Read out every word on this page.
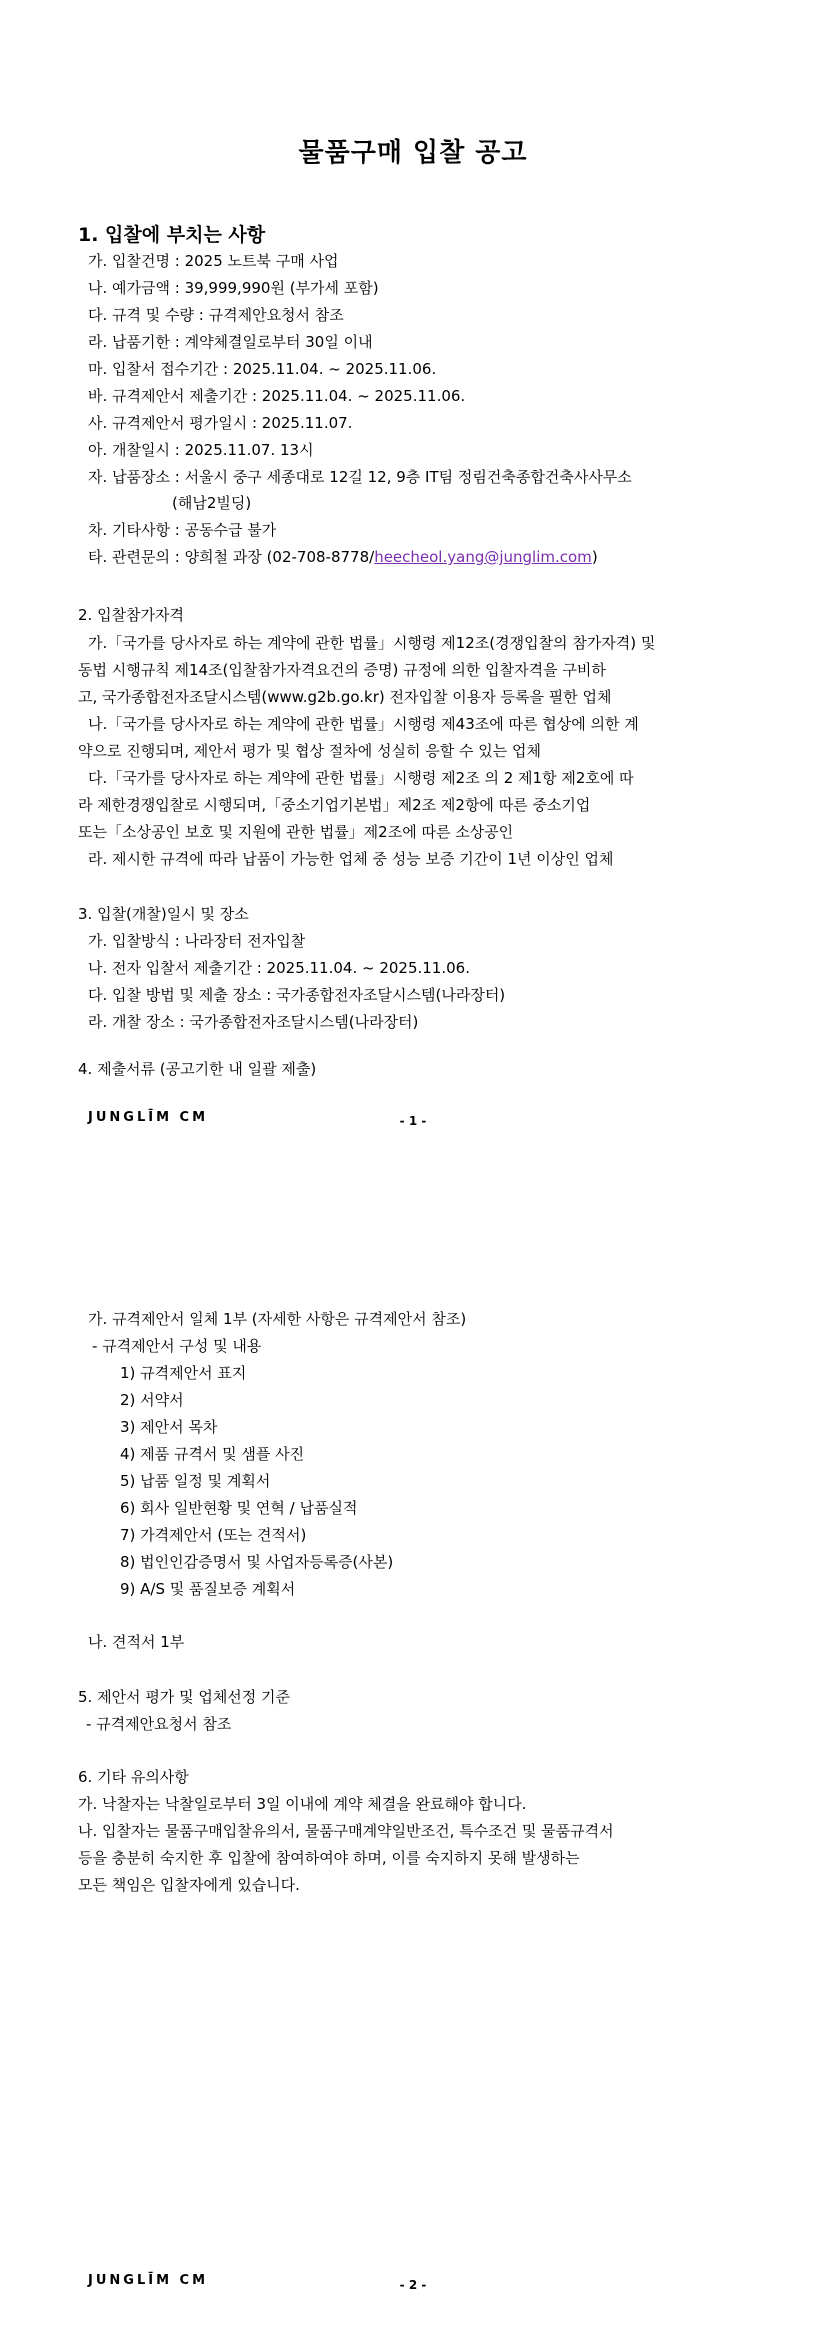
물품구매 입찰 공고
1. 입찰에 부치는 사항
가. 입찰건명 : 2025 노트북 구매 사업
나. 예가금액 : 39,999,990원 (부가세 포함)
다. 규격 및 수량 : 규격제안요청서 참조
라. 납품기한 : 계약체결일로부터 30일 이내
마. 입찰서 접수기간 : 2025.11.04. ~ 2025.11.06.
바. 규격제안서 제출기간 : 2025.11.04. ~ 2025.11.06.
사. 규격제안서 평가일시 : 2025.11.07.
아. 개찰일시 : 2025.11.07. 13시
자. 납품장소 : 서울시 중구 세종대로 12길 12, 9층 IT팀 정림건축종합건축사사무소
(해남2빌딩)
차. 기타사항 : 공동수급 불가
타. 관련문의 : 양희철 과장 (02-708-8778/heecheol.yang@junglim.com)
2. 입찰참가자격
가.「국가를 당사자로 하는 계약에 관한 법률」시행령 제12조(경쟁입찰의 참가자격) 및
동법 시행규칙 제14조(입찰참가자격요건의 증명) 규정에 의한 입찰자격을 구비하
고, 국가종합전자조달시스템(www.g2b.go.kr) 전자입찰 이용자 등록을 필한 업체
나.「국가를 당사자로 하는 계약에 관한 법률」시행령 제43조에 따른 협상에 의한 계
약으로 진행되며, 제안서 평가 및 협상 절차에 성실히 응할 수 있는 업체
다.「국가를 당사자로 하는 계약에 관한 법률」시행령 제2조 의 2 제1항 제2호에 따
라 제한경쟁입찰로 시행되며,「중소기업기본법」제2조 제2항에 따른 중소기업
또는「소상공인 보호 및 지원에 관한 법률」제2조에 따른 소상공인
라. 제시한 규격에 따라 납품이 가능한 업체 중 성능 보증 기간이 1년 이상인 업체
3. 입찰(개찰)일시 및 장소
가. 입찰방식 : 나라장터 전자입찰
나. 전자 입찰서 제출기간 : 2025.11.04. ~ 2025.11.06.
다. 입찰 방법 및 제출 장소 : 국가종합전자조달시스템(나라장터)
라. 개찰 장소 : 국가종합전자조달시스템(나라장터)
4. 제출서류 (공고기한 내 일괄 제출)
JUNGLĪM CM	- 1 -
가. 규격제안서 일체 1부 (자세한 사항은 규격제안서 참조)
- 규격제안서 구성 및 내용
1) 규격제안서 표지
2) 서약서
3) 제안서 목차
4) 제품 규격서 및 샘플 사진
5) 납품 일정 및 계획서
6) 회사 일반현황 및 연혁 / 납품실적
7) 가격제안서 (또는 견적서)
8) 법인인감증명서 및 사업자등록증(사본)
9) A/S 및 품질보증 계획서
나. 견적서 1부
5. 제안서 평가 및 업체선정 기준
- 규격제안요청서 참조
6. 기타 유의사항
가. 낙찰자는 낙찰일로부터 3일 이내에 계약 체결을 완료해야 합니다.
나. 입찰자는 물품구매입찰유의서, 물품구매계약일반조건, 특수조건 및 물품규격서
등을 충분히 숙지한 후 입찰에 참여하여야 하며, 이를 숙지하지 못해 발생하는
모든 책임은 입찰자에게 있습니다.
JUNGLĪM CM	- 2 -
